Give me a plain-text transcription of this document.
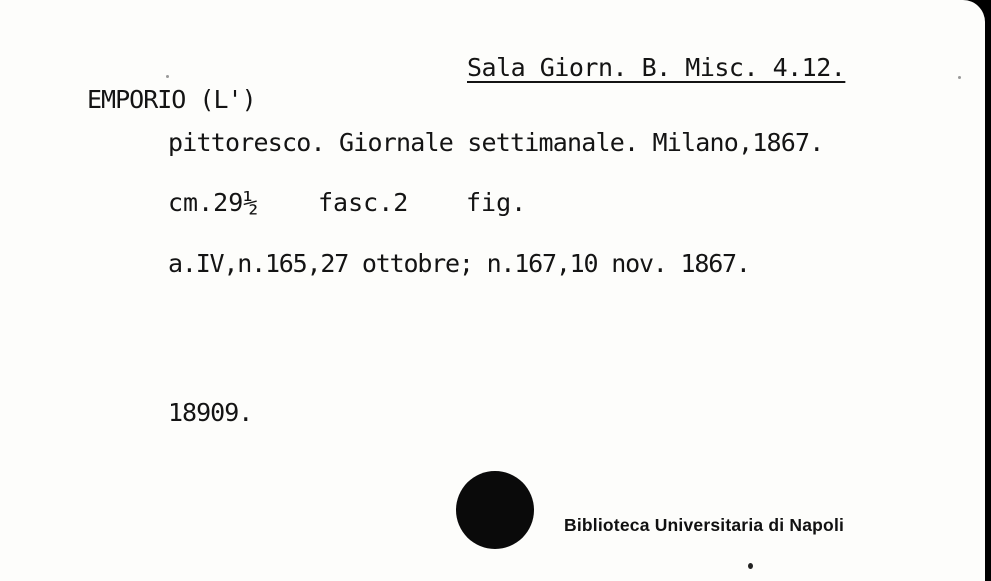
Sala Giorn. B. Misc. 4.12.
EMPORIO (L')
pittoresco. Giornale settimanale. Milano,1867.
cm.29½ fasc.2 fig.
a.IV,n.165,27 ottobre; n.167,10 nov. 1867.
18909.
Biblioteca Universitaria di Napoli
